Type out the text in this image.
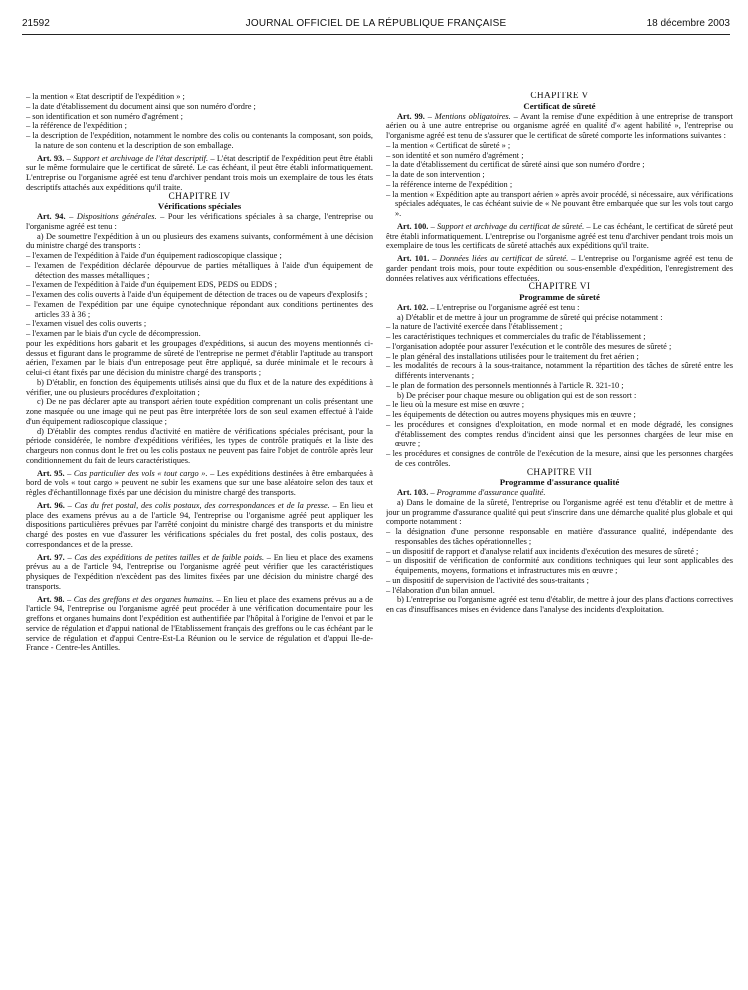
21592	JOURNAL OFFICIEL DE LA RÉPUBLIQUE FRANÇAISE	18 décembre 2003

– la mention « Etat descriptif de l'expédition » ;

– la date d'établissement du document ainsi que son numéro d'ordre ;

– son identification et son numéro d'agrément ;

– la référence de l'expédition ;

– la description de l'expédition, notamment le nombre des colis ou contenants la composant, son poids, la nature de son contenu et la description de son emballage.

Art. 93. – Support et archivage de l'état descriptif. – L'état descriptif de l'expédition peut être établi sur le même formulaire que le certificat de sûreté. Le cas échéant, il peut être établi informatiquement. L'entreprise ou l'organisme agréé est tenu d'archiver pendant trois mois un exemplaire de tous les états descriptifs attachés aux expéditions qu'il traite.

CHAPITRE IV

Vérifications spéciales

Art. 94. – Dispositions générales. – Pour les vérifications spéciales à sa charge, l'entreprise ou l'organisme agréé est tenu :

a) De soumettre l'expédition à un ou plusieurs des examens suivants, conformément à une décision du ministre chargé des transports :

– l'examen de l'expédition à l'aide d'un équipement radioscopique classique ;

– l'examen de l'expédition déclarée dépourvue de parties métalliques à l'aide d'un équipement de détection des masses métalliques ;

– l'examen de l'expédition à l'aide d'un équipement EDS, PEDS ou EDDS ;

– l'examen des colis ouverts à l'aide d'un équipement de détection de traces ou de vapeurs d'explosifs ;

– l'examen de l'expédition par une équipe cynotechnique répondant aux conditions pertinentes des articles 33 à 36 ;

– l'examen visuel des colis ouverts ;

– l'examen par le biais d'un cycle de décompression.

pour les expéditions hors gabarit et les groupages d'expéditions, si aucun des moyens mentionnés ci-dessus et figurant dans le programme de sûreté de l'entreprise ne permet d'établir l'aptitude au transport aérien, l'examen par le biais d'un entreposage peut être appliqué, sa durée minimale et le recours à celui-ci étant fixés par une décision du ministre chargé des transports ;

b) D'établir, en fonction des équipements utilisés ainsi que du flux et de la nature des expéditions à vérifier, une ou plusieurs procédures d'exploitation ;

c) De ne pas déclarer apte au transport aérien toute expédition comprenant un colis présentant une zone masquée ou une image qui ne peut pas être interprétée lors de son seul examen effectué à l'aide d'un équipement radioscopique classique ;

d) D'établir des comptes rendus d'activité en matière de vérifications spéciales précisant, pour la période considérée, le nombre d'expéditions vérifiées, les types de contrôle pratiqués et la liste des chargeurs non connus dont le fret ou les colis postaux ne peuvent pas faire l'objet de contrôle après leur conditionnement du fait de leurs caractéristiques.

Art. 95. – Cas particulier des vols « tout cargo ». – Les expéditions destinées à être embarquées à bord de vols « tout cargo » peuvent ne subir les examens que sur une base aléatoire selon des taux et règles d'échantillonnage fixés par une décision du ministre chargé des transports.

Art. 96. – Cas du fret postal, des colis postaux, des correspondances et de la presse. – En lieu et place des examens prévus au a de l'article 94, l'entreprise ou l'organisme agréé peut appliquer les dispositions particulières prévues par l'arrêté conjoint du ministre chargé des transports et du ministre chargé des postes en vue d'assurer les vérifications spéciales du fret postal, des colis postaux, des correspondances et de la presse.

Art. 97. – Cas des expéditions de petites tailles et de faible poids. – En lieu et place des examens prévus au a de l'article 94, l'entreprise ou l'organisme agréé peut vérifier que les caractéristiques physiques de l'expédition n'excèdent pas des limites fixées par une décision du ministre chargé des transports.

Art. 98. – Cas des greffons et des organes humains. – En lieu et place des examens prévus au a de l'article 94, l'entreprise ou l'organisme agréé peut procéder à une vérification documentaire pour les greffons et organes humains dont l'expédition est authentifiée par l'hôpital à l'origine de l'envoi et par le service de régulation et d'appui national de l'Etablissement français des greffons ou le cas échéant par le service de régulation et d'appui Centre-Est-La Réunion ou le service de régulation et d'appui Ile-de-France - Centre-les Antilles.

CHAPITRE V

Certificat de sûreté

Art. 99. – Mentions obligatoires. – Avant la remise d'une expédition à une entreprise de transport aérien ou à une autre entreprise ou organisme agréé en qualité d'« agent habilité », l'entreprise ou l'organisme agréé est tenu de s'assurer que le certificat de sûreté comporte les informations suivantes :

– la mention « Certificat de sûreté » ;

– son identité et son numéro d'agrément ;

– la date d'établissement du certificat de sûreté ainsi que son numéro d'ordre ;

– la date de son intervention ;

– la référence interne de l'expédition ;

– la mention « Expédition apte au transport aérien » après avoir procédé, si nécessaire, aux vérifications spéciales adéquates, le cas échéant suivie de « Ne pouvant être embarquée que sur les vols tout cargo ».

Art. 100. – Support et archivage du certificat de sûreté. – Le cas échéant, le certificat de sûreté peut être établi informatiquement. L'entreprise ou l'organisme agréé est tenu d'archiver pendant trois mois un exemplaire de tous les certificats de sûreté attachés aux expéditions qu'il traite.

Art. 101. – Données liées au certificat de sûreté. – L'entreprise ou l'organisme agréé est tenu de garder pendant trois mois, pour toute expédition ou sous-ensemble d'expédition, l'enregistrement des données relatives aux vérifications effectuées.

CHAPITRE VI

Programme de sûreté

Art. 102. – L'entreprise ou l'organisme agréé est tenu :

a) D'établir et de mettre à jour un programme de sûreté qui précise notamment :

– la nature de l'activité exercée dans l'établissement ;

– les caractéristiques techniques et commerciales du trafic de l'établissement ;

– l'organisation adoptée pour assurer l'exécution et le contrôle des mesures de sûreté ;

– le plan général des installations utilisées pour le traitement du fret aérien ;

– les modalités de recours à la sous-traitance, notamment la répartition des tâches de sûreté entre les différents intervenants ;

– le plan de formation des personnels mentionnés à l'article R. 321-10 ;

b) De préciser pour chaque mesure ou obligation qui est de son ressort :

– le lieu où la mesure est mise en œuvre ;

– les équipements de détection ou autres moyens physiques mis en œuvre ;

– les procédures et consignes d'exploitation, en mode normal et en mode dégradé, les consignes d'établissement des comptes rendus d'incident ainsi que les personnes chargées de leur mise en œuvre ;

– les procédures et consignes de contrôle de l'exécution de la mesure, ainsi que les personnes chargées de ces contrôles.

CHAPITRE VII

Programme d'assurance qualité

Art. 103. – Programme d'assurance qualité.

a) Dans le domaine de la sûreté, l'entreprise ou l'organisme agréé est tenu d'établir et de mettre à jour un programme d'assurance qualité qui peut s'inscrire dans une démarche qualité plus globale et qui comporte notamment :

– la désignation d'une personne responsable en matière d'assurance qualité, indépendante des responsables des tâches opérationnelles ;

– un dispositif de rapport et d'analyse relatif aux incidents d'exécution des mesures de sûreté ;

– un dispositif de vérification de conformité aux conditions techniques qui leur sont applicables des équipements, moyens, formations et infrastructures mis en œuvre ;

– un dispositif de supervision de l'activité des sous-traitants ;

– l'élaboration d'un bilan annuel.

b) L'entreprise ou l'organisme agréé est tenu d'établir, de mettre à jour des plans d'actions correctives en cas d'insuffisances mises en évidence dans l'analyse des incidents d'exploitation.
